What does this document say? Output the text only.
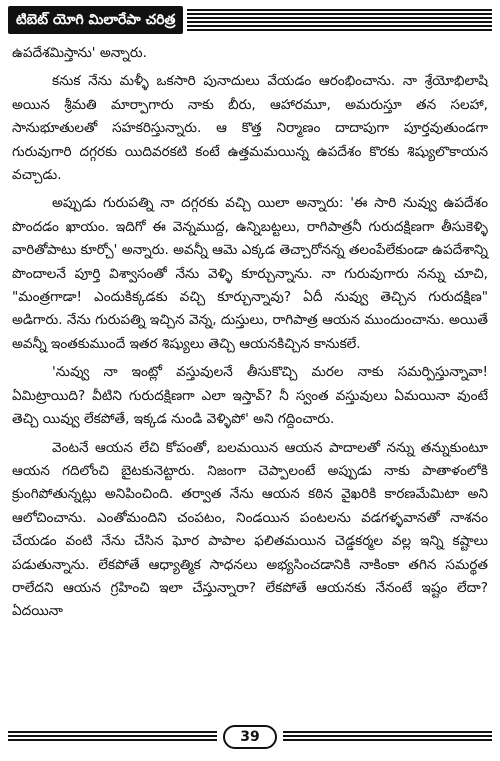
టిబెట్ యోగి మిలారేపా చరిత్ర

ఉపదేశమిస్తాను' అన్నారు.

కనుక నేను మళ్ళీ ఒకసారి పునాదులు వేయడం ఆరంభించాను. నా శ్రేయోభిలాషి అయిన శ్రీమతి మార్పాగారు నాకు బీరు, ఆహారమూ, అమరుస్తూ తన సలహా, సానుభూతులతో సహకరిస్తున్నారు. ఆ కొత్త నిర్మాణం దాదాపుగా పూర్తవుతుండగా గురువుగారి దగ్గరకు యిదివరకటి కంటే ఉత్తమమయిన్న ఉపదేశం కొరకు శిష్యులొకాయన వచ్చాడు.

అప్పుడు గురుపత్ని నా దగ్గరకు వచ్చి యిలా అన్నారు: 'ఈ సారి నువ్వు ఉపదేశం పొందడం ఖాయం. ఇదిగో ఈ వెన్నముద్ద, ఉన్నిబట్టలు, రాగిపాత్రనీ గురుదక్షిణగా తీసుకెళ్ళి వారితోపాటు కూర్చో' అన్నారు. అవన్నీ ఆమె ఎక్కడ తెచ్చారోనన్న తలంపేలేకుండా ఉపదేశాన్ని పొందాలనే పూర్తి విశ్వాసంతో నేను వెళ్ళి కూర్చున్నాను. నా గురువుగారు నన్ను చూచి, "మంత్రగాడా! ఎందుకిక్కడకు వచ్చి కూర్చున్నావు? ఏదీ నువ్వు తెచ్చిన గురుదక్షిణ" అడిగారు. నేను గురుపత్ని ఇచ్చిన వెన్న, దుస్తులు, రాగిపాత్ర ఆయన ముందుంచాను. అయితే అవన్నీ ఇంతకుముందే ఇతర శిష్యులు తెచ్చి ఆయనకిచ్చిన కానుకలే.

'నువ్వు నా ఇంట్లో వస్తువులనే తీసుకొచ్చి మరల నాకు సమర్పిస్తున్నావా! ఏమిట్రాయిది? వీటిని గురుదక్షిణగా ఎలా ఇస్తావ్? నీ స్వంత వస్తువులు ఏమయినా వుంటే తెచ్చి యివ్వు లేకపోతే, ఇక్కడ నుండి వెళ్ళిపో' అని గద్దించారు.

వెంటనే ఆయన లేచి కోపంతో, బలమయిన ఆయన పాదాలతో నన్ను తన్నుకుంటూ ఆయన గదిలోంచి బైటకునెట్టారు. నిజంగా చెప్పాలంటే అప్పుడు నాకు పాతాళంలోకి క్రుంగిపోతున్నట్లు అనిపించింది. తర్వాత నేను ఆయన కఠిన వైఖరికి కారణమేమిటా అని ఆలోచించాను. ఎంతోమందిని చంపటం, నిండయిన పంటలను వడగళ్ళవానతో నాశనం చేయడం వంటి నేను చేసిన ఘోర పాపాల ఫలితమయిన చెడ్డకర్మల వల్ల ఇన్ని కష్టాలు పడుతున్నాను. లేకపోతే ఆధ్యాత్మిక సాధనలు అభ్యసించడానికి నాకింకా తగిన సమర్థత రాలేదని ఆయన గ్రహించి ఇలా చేస్తున్నారా? లేకపోతే ఆయనకు నేనంటే ఇష్టం లేదా? ఏదయినా

39
